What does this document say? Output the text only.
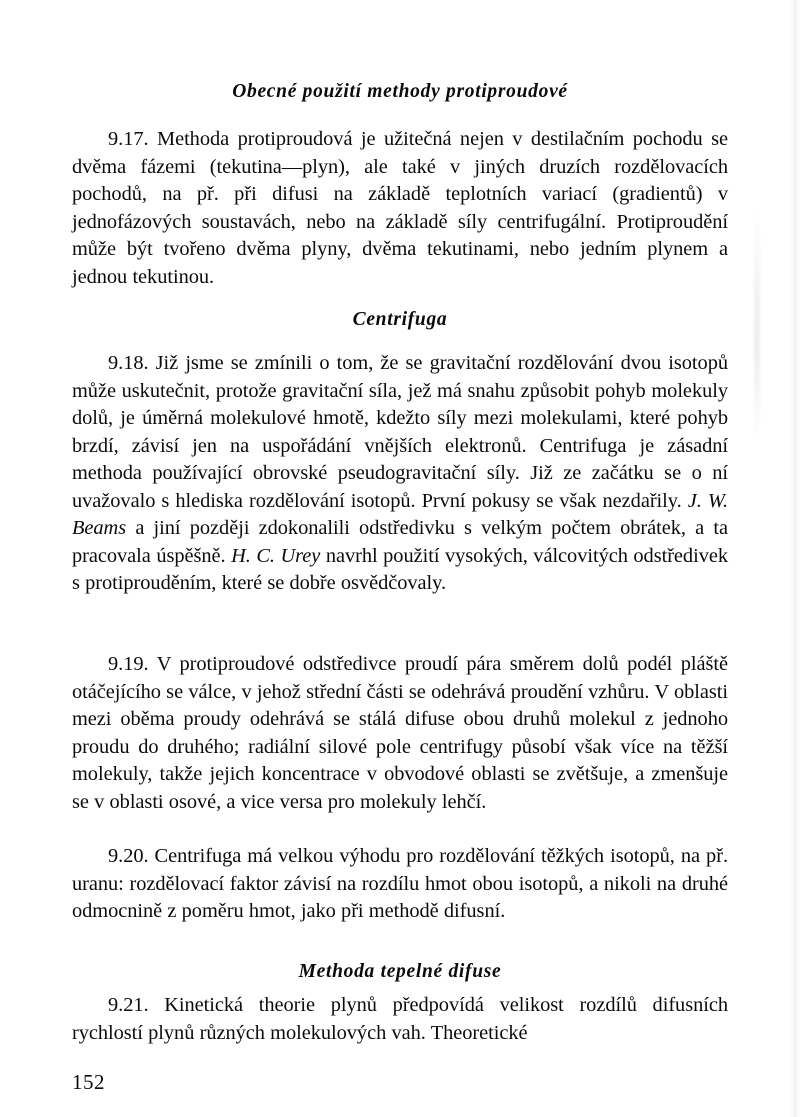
Obecné použití methody protiproudové

9.17. Methoda protiproudová je užitečná nejen v destilačním pochodu se dvěma fázemi (tekutina—plyn), ale také v jiných druzích rozdělovacích pochodů, na př. při difusi na základě teplotních variací (gradientů) v jednofázových soustavách, nebo na základě síly centrifugální. Protiproudění může být tvořeno dvěma plyny, dvěma tekutinami, nebo jedním plynem a jednou tekutinou.

Centrifuga

9.18. Již jsme se zmínili o tom, že se gravitační rozdělování dvou isotopů může uskutečnit, protože gravitační síla, jež má snahu způsobit pohyb molekuly dolů, je úměrná molekulové hmotě, kdežto síly mezi molekulami, které pohyb brzdí, závisí jen na uspořádání vnějších elektronů. Centrifuga je zásadní methoda používající obrovské pseudogravitační síly. Již ze začátku se o ní uvažovalo s hlediska rozdělování isotopů. První pokusy se však nezdařily. J. W. Beams a jiní později zdokonalili odstředivku s velkým počtem obrátek, a ta pracovala úspěšně. H. C. Urey navrhl použití vysokých, válcovitých odstředivek s protiprouděním, které se dobře osvědčovaly.

9.19. V protiproudové odstředivce proudí pára směrem dolů podél pláště otáčejícího se válce, v jehož střední části se odehrává proudění vzhůru. V oblasti mezi oběma proudy odehrává se stálá difuse obou druhů molekul z jednoho proudu do druhého; radiální silové pole centrifugy působí však více na těžší molekuly, takže jejich koncentrace v obvodové oblasti se zvětšuje, a zmenšuje se v oblasti osové, a vice versa pro molekuly lehčí.

9.20. Centrifuga má velkou výhodu pro rozdělování těžkých isotopů, na př. uranu: rozdělovací faktor závisí na rozdílu hmot obou isotopů, a nikoli na druhé odmocnině z poměru hmot, jako při methodě difusní.

Methoda tepelné difuse

9.21. Kinetická theorie plynů předpovídá velikost rozdílů difusních rychlostí plynů různých molekulových vah. Theoretické

152
